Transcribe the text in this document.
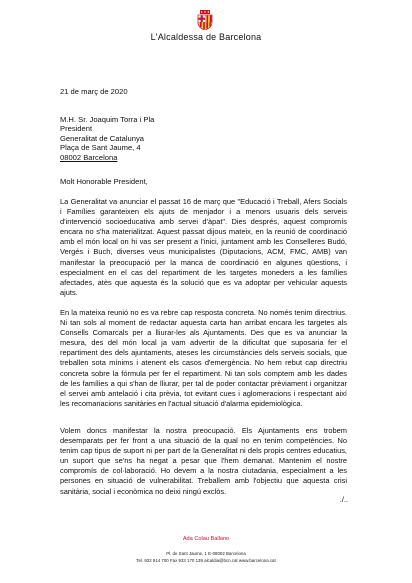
L'Alcaldessa de Barcelona
21 de març de 2020
M.H. Sr. Joaquim Torra i Pla
President
Generalitat de Catalunya
Plaça de Sant Jaume, 4
08002 Barcelona
Molt Honorable President,

La Generalitat va anunciar el passat 16 de març que "Educació i Treball, Afers Socials i Famílies garanteixen els ajuts de menjador i a menors usuaris dels serveis d'intervenció socioeducativa amb servei d'àpat". Dies després, aquest compromís encara no s'ha materialitzat. Aquest passat dijous mateix, en la reunió de coordinació amb el món local on hi vas ser present a l'inici, juntament amb les Conselleres Budó, Vergés i Buch, diverses veus municipalistes (Diputacions, ACM, FMC, AMB) van manifestar la preocupació per la manca de coordinació en algunes qüestions, i especialment en el cas del repartiment de les targetes moneders a les famílies afectades, atès que aquesta és la solució que es va adoptar per vehicular aquests ajuts.

En la mateixa reunió no es va rebre cap resposta concreta. No només tenim directrius. Ni tan sols al moment de redactar aquesta carta han arribat encara les targetes als Consells Comarcals per a lliurar-les als Ajuntaments. Des que es va anunciar la mesura, des del món local ja vam advertir de la dificultat que suposaria fer el repartiment des dels ajuntaments, ateses les circumstàncies dels serveis socials, que treballen sota mínims i atenent els casos d'emergència. No hem rebut cap directriu concreta sobre la fórmula per fer el repartiment. Ni tan sols comptem amb les dades de les famílies a qui s'han de lliurar, per tal de poder contactar prèviament i organitzar el servei amb antelació i cita prèvia, tot evitant cues i aglomeracions i respectant així les recomanacions sanitàries en l'actual situació d'alarma epidemiològica.

Volem doncs manifestar la nostra preocupació. Els Ajuntaments ens trobem desemparats per fer front a una situació de la qual no en tenim competències. No tenim cap tipus de suport ni per part de la Generalitat ni dels propis centres educatius, un suport que se'ns ha negat a pesar que l'hem demanat. Mantenim el nostre compromís de col·laboració. Ho devem a la nostra ciutadania, especialment a les persones en situació de vulnerabilitat. Treballem amb l'objectiu que aquesta crisi sanitària, social i econòmica no deixi ningú exclòs.

./..
Ada Colau Ballano
Pl. de Sant Jaume, 1 E-08002 Barcelona
Tel. 932 914 700 Fax 933 170 139 alcaldia@bcn.cat www.barcelona.cat
